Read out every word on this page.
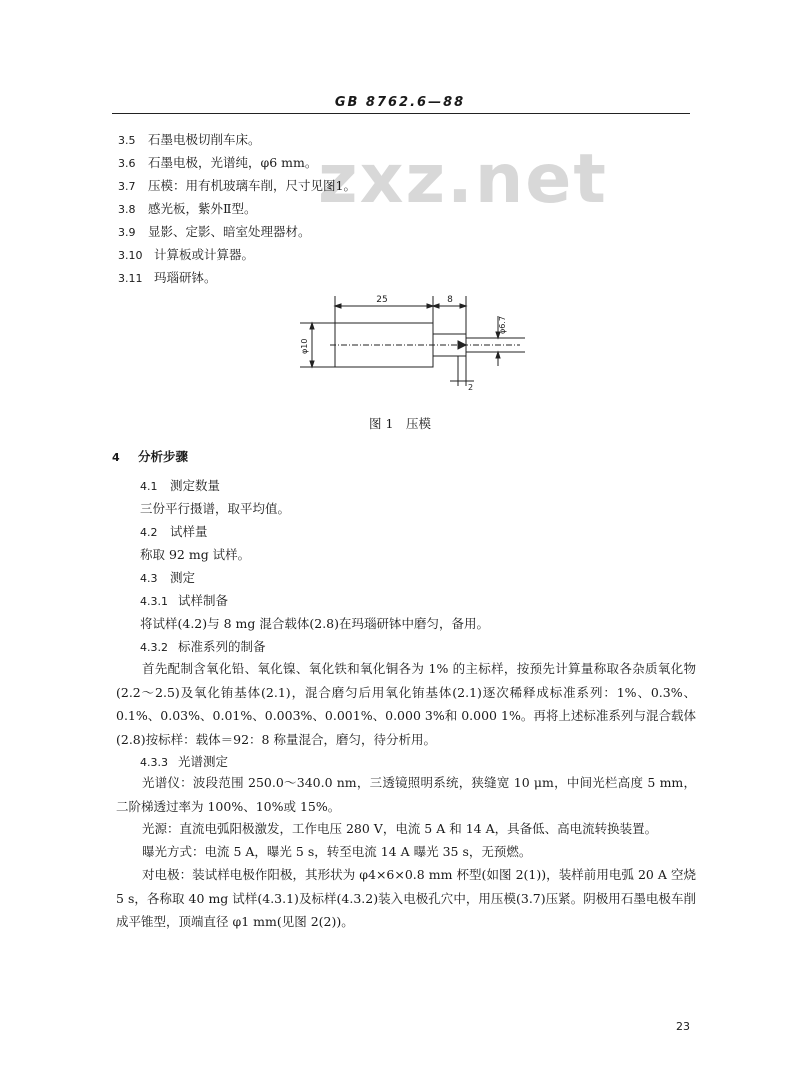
GB 8762.6—88
zxz.net
3.5 石墨电极切削车床。
3.6 石墨电极，光谱纯，φ6 mm。
3.7 压模：用有机玻璃车削，尺寸见图1。
3.8 感光板，紫外Ⅱ型。
3.9 显影、定影、暗室处理器材。
3.10 计算板或计算器。
3.11 玛瑙研钵。
25	8
φ10
φ6.7
2
图 1　压模
4 分析步骤
4.1 测定数量
三份平行摄谱，取平均值。
4.2 试样量
称取 92 mg 试样。
4.3 测定
4.3.1 试样制备
将试样(4.2)与 8 mg 混合载体(2.8)在玛瑙研钵中磨匀，备用。
4.3.2 标准系列的制备
首先配制含氧化铅、氧化镍、氧化铁和氧化铜各为 1% 的主标样，按预先计算量称取各杂质氧化物(2.2～2.5)及氧化铕基体(2.1)，混合磨匀后用氧化铕基体(2.1)逐次稀释成标准系列：1%、0.3%、0.1%、0.03%、0.01%、0.003%、0.001%、0.000 3%和 0.000 1%。再将上述标准系列与混合载体(2.8)按标样：载体＝92：8 称量混合，磨匀，待分析用。
4.3.3 光谱测定
光谱仪：波段范围 250.0～340.0 nm，三透镜照明系统，狭缝宽 10 μm，中间光栏高度 5 mm，二阶梯透过率为 100%、10%或 15%。
光源：直流电弧阳极激发，工作电压 280 V，电流 5 A 和 14 A，具备低、高电流转换装置。
曝光方式：电流 5 A，曝光 5 s，转至电流 14 A 曝光 35 s，无预燃。
对电极：装试样电极作阳极，其形状为 φ4×6×0.8 mm 杯型(如图 2(1))，装样前用电弧 20 A 空烧 5 s，各称取 40 mg 试样(4.3.1)及标样(4.3.2)装入电极孔穴中，用压模(3.7)压紧。阴极用石墨电极车削成平锥型，顶端直径 φ1 mm(见图 2(2))。
23
